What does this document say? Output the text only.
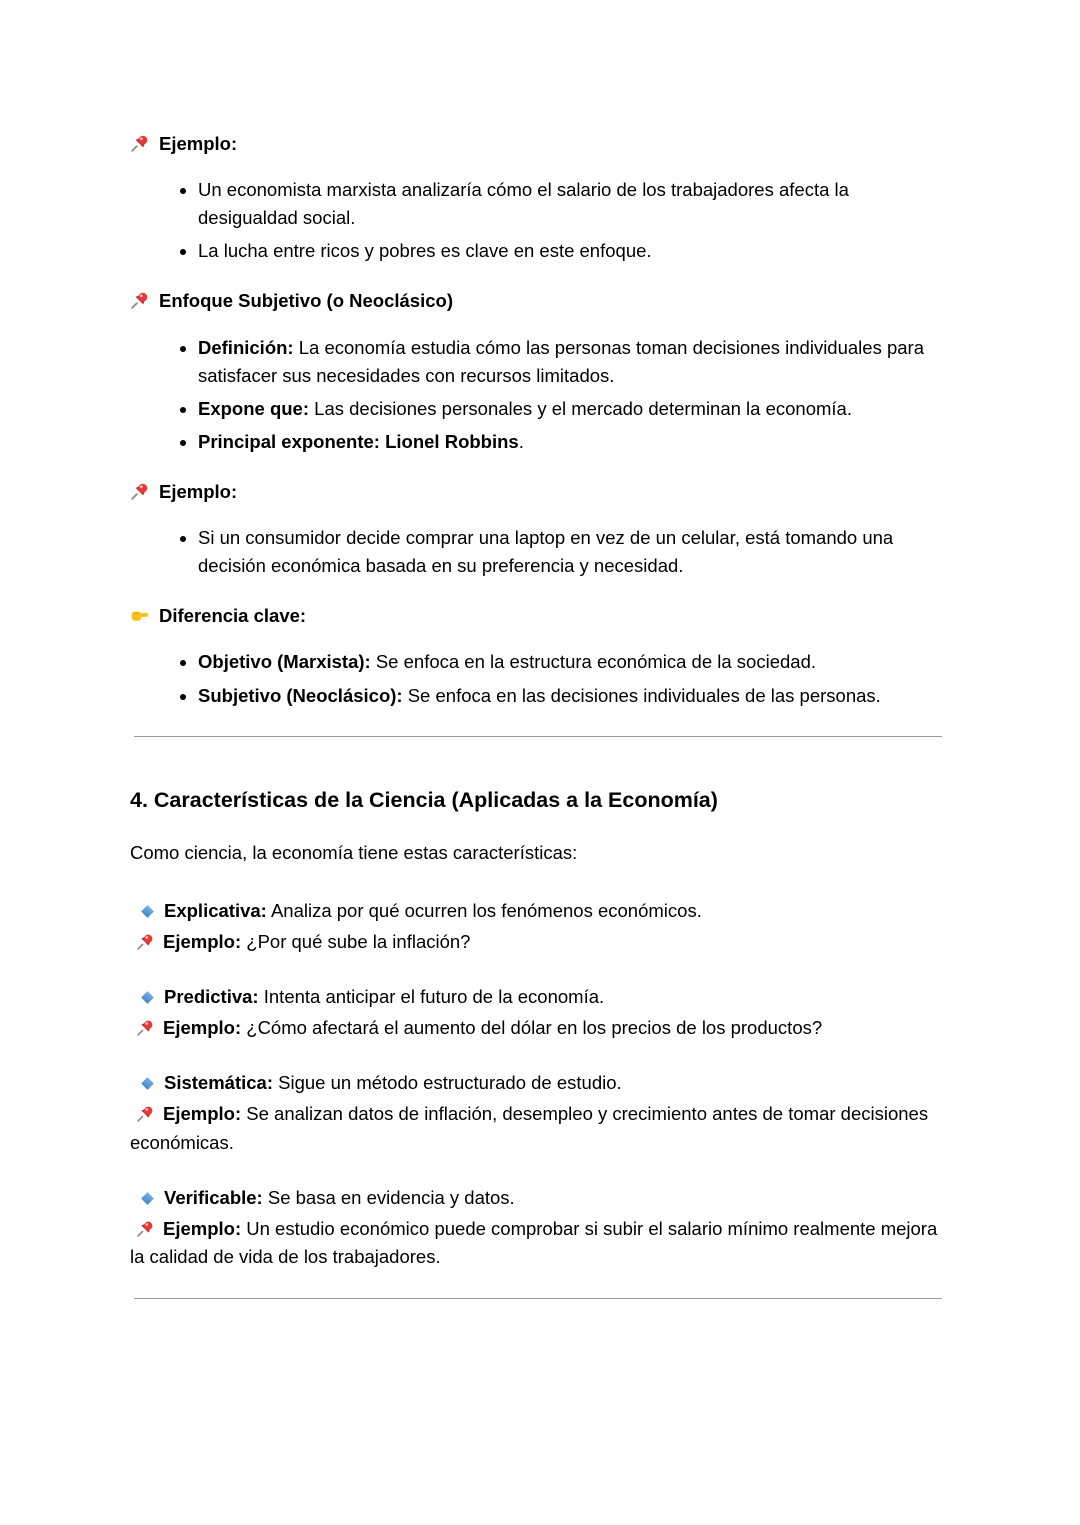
Ejemplo:

• Un economista marxista analizaría cómo el salario de los trabajadores afecta la desigualdad social.
• La lucha entre ricos y pobres es clave en este enfoque.

Enfoque Subjetivo (o Neoclásico)

• Definición: La economía estudia cómo las personas toman decisiones individuales para satisfacer sus necesidades con recursos limitados.
• Expone que: Las decisiones personales y el mercado determinan la economía.
• Principal exponente: Lionel Robbins.

Ejemplo:

• Si un consumidor decide comprar una laptop en vez de un celular, está tomando una decisión económica basada en su preferencia y necesidad.

Diferencia clave:

• Objetivo (Marxista): Se enfoca en la estructura económica de la sociedad.
• Subjetivo (Neoclásico): Se enfoca en las decisiones individuales de las personas.
4. Características de la Ciencia (Aplicadas a la Economía)

Como ciencia, la economía tiene estas características:

Explicativa: Analiza por qué ocurren los fenómenos económicos.

Ejemplo: ¿Por qué sube la inflación?

Predictiva: Intenta anticipar el futuro de la economía.

Ejemplo: ¿Cómo afectará el aumento del dólar en los precios de los productos?

Sistemática: Sigue un método estructurado de estudio.

Ejemplo: Se analizan datos de inflación, desempleo y crecimiento antes de tomar decisiones económicas.

Verificable: Se basa en evidencia y datos.

Ejemplo: Un estudio económico puede comprobar si subir el salario mínimo realmente mejora la calidad de vida de los trabajadores.
